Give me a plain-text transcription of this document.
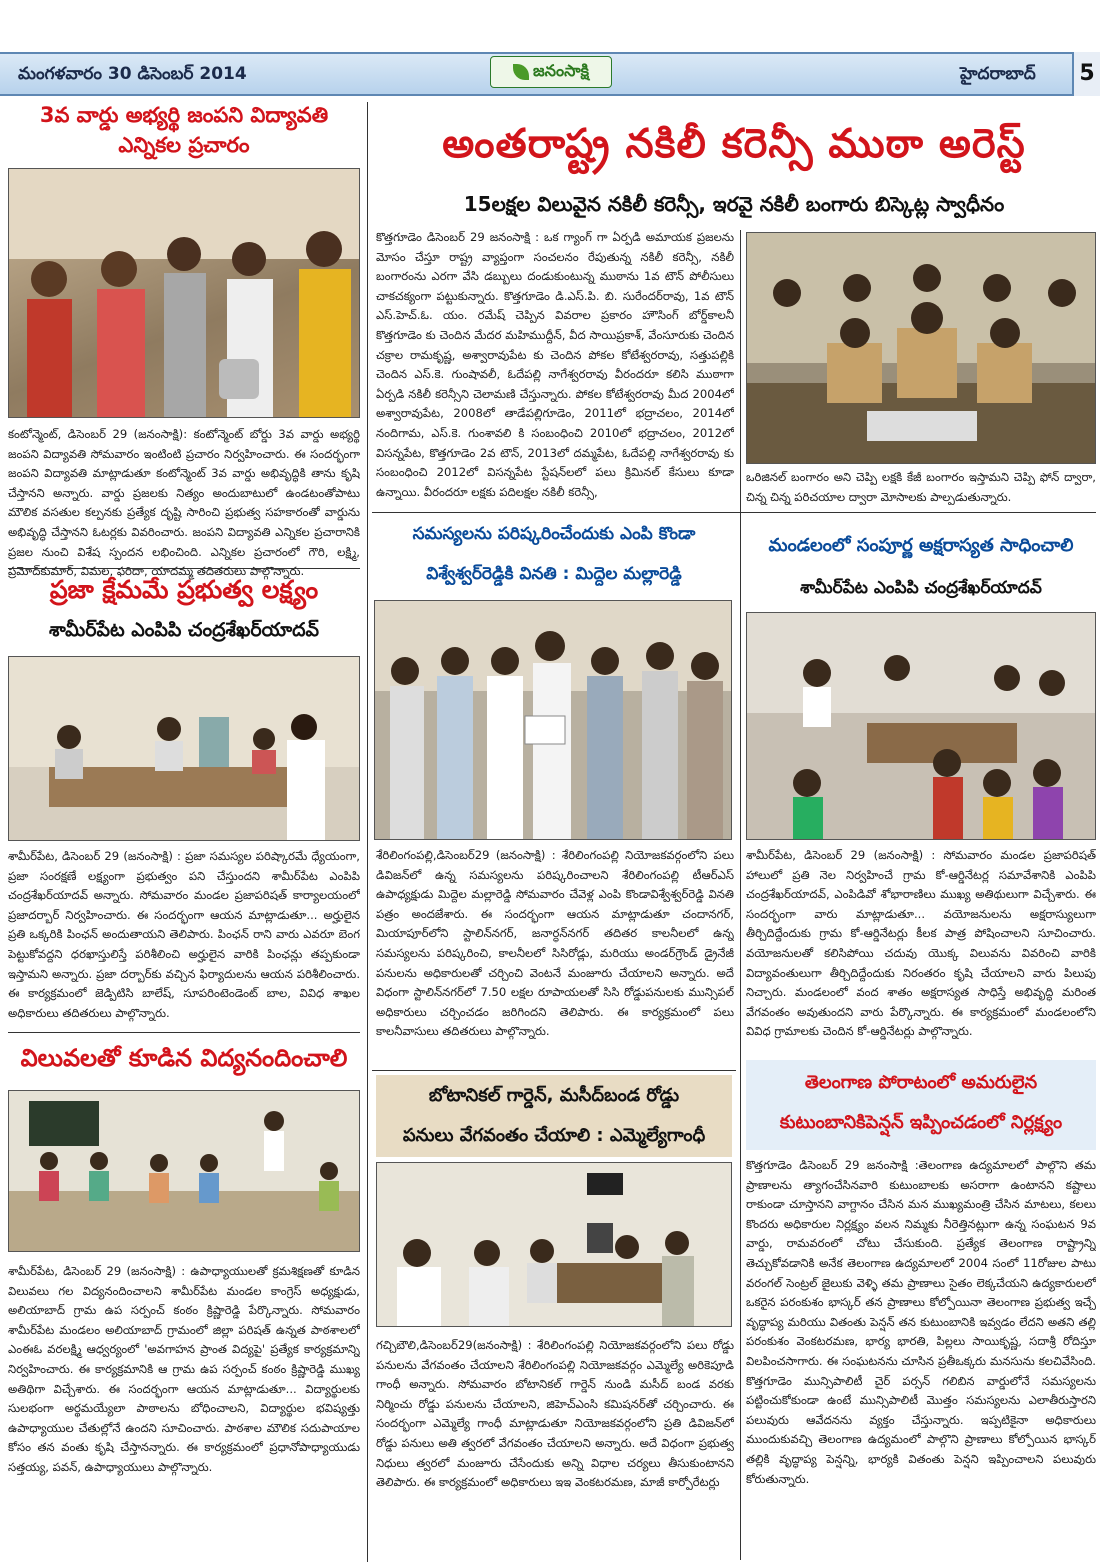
మంగళవారం 30 డిసెంబర్ 2014	జనంసాక్షి	హైదరాబాద్	5
3వ వార్డు అభ్యర్థి జంపని విద్యావతి ఎన్నికల ప్రచారం
కంటోన్మెంట్, డిసెంబర్ 29 (జనంసాక్షి): కంటోన్మెంట్ బోర్డు 3వ వార్డు అభ్యర్థి జంపని విద్యావతి సోమవారం ఇంటింటి ప్రచారం నిర్వహించారు. ఈ సందర్భంగా జంపని విద్యావతి మాట్లాడుతూ కంటోన్మెంట్ 3వ వార్డు అభివృద్ధికి తాను కృషి చేస్తానని అన్నారు. వార్డు ప్రజలకు నిత్యం అందుబాటులో ఉండటంతోపాటు మౌలిక వసతుల కల్పనకు ప్రత్యేక దృష్టి సారించి ప్రభుత్వ సహకారంతో వార్డును అభివృద్ధి చేస్తానని ఓటర్లకు వివరించారు. జంపని విద్యావతి ఎన్నికల ప్రచారానికి ప్రజల నుంచి విశేష స్పందన లభించింది. ఎన్నికల ప్రచారంలో గౌరి, లక్ష్మి, ప్రమోద్‌కుమార్, విమల, ఫరిదా, యాదమ్మ తదితరులు పాల్గొన్నారు.
ప్రజా క్షేమమే ప్రభుత్వ లక్ష్యం
శామీర్‌పేట ఎంపిపి చంద్రశేఖర్‌యాదవ్
శామీర్‌పేట, డిసెంబర్ 29 (జనంసాక్షి) : ప్రజా సమస్యల పరిష్కారమే ధ్యేయంగా, ప్రజా సంరక్షణే లక్ష్యంగా ప్రభుత్వం పని చేస్తుందని శామీర్‌పేట ఎంపిపి చంద్రశేఖర్‌యాదవ్ అన్నారు. సోమవారం మండల ప్రజాపరిషత్ కార్యాలయంలో ప్రజాదర్బార్ నిర్వహించారు. ఈ సందర్భంగా ఆయన మాట్లాడుతూ... అర్హులైన ప్రతి ఒక్కరికి పింఛన్ అందుతాయని తెలిపారు. పింఛన్ రాని వారు ఎవరూ బెంగ పెట్టుకోవద్దని ధరఖాస్తులిస్తే పరిశీలించి అర్హులైన వారికి పింఛన్లు తప్పకుండా ఇస్తామని అన్నారు. ప్రజా దర్బార్‌కు వచ్చిన ఫిర్యాదులను ఆయన పరిశీలించారు. ఈ కార్యక్రమంలో జెడ్పిటిసి బాలేష్, సూపరింటెండెంట్ బాల, వివిధ శాఖల అధికారులు తదితరులు పాల్గొన్నారు.
విలువలతో కూడిన విద్యనందించాలి
శామీర్‌పేట, డిసెంబర్ 29 (జనంసాక్షి) : ఉపాధ్యాయులతో క్రమశిక్షణతో కూడిన విలువలు గల విద్యనందించాలని శామీర్‌పేట మండల కాంగ్రెస్ అధ్యక్షుడు, అలియాబాద్ గ్రామ ఉప సర్పంచ్ కంఠం క్రిష్ణారెడ్డి పేర్కొన్నారు. సోమవారం శామీర్‌పేట మండలం అలియాబాద్ గ్రామంలో జిల్లా పరిషత్ ఉన్నత పాఠశాలలో ఎంఈఓ వరలక్ష్మి ఆధ్వర్యంలో 'అవగాహన ప్రాంత విద్యపై' ప్రత్యేక కార్యక్రమాన్ని నిర్వహించారు. ఈ కార్యక్రమానికి ఆ గ్రామ ఉప సర్పంచ్ కంఠం క్రిష్ణారెడ్డి ముఖ్య అతిథిగా విచ్చేశారు. ఈ సందర్భంగా ఆయన మాట్లాడుతూ... విద్యార్థులకు సులభంగా అర్థమయ్యేలా పాఠాలను బోధించాలని, విద్యార్థుల భవిష్యత్తు ఉపాధ్యాయుల చేతుల్లోనే ఉందని సూచించారు. పాఠశాల మౌలిక సదుపాయాల కోసం తన వంతు కృషి చేస్తానన్నారు. ఈ కార్యక్రమంలో ప్రధానోపాధ్యాయుడు సత్తయ్య, పవన్, ఉపాధ్యాయులు పాల్గొన్నారు.
అంతరాష్ట్ర నకిలీ కరెన్సీ ముఠా అరెస్ట్
15లక్షల విలువైన నకిలీ కరెన్సీ, ఇరవై నకిలీ బంగారు బిస్కెట్ల స్వాధీనం
కొత్తగూడెం డిసెంబర్ 29 జనంసాక్షి : ఒక గ్యాంగ్ గా ఏర్పడి అమాయక ప్రజలను మోసం చేస్తూ రాష్ట్ర వ్యాప్తంగా సంచలనం రేపుతున్న నకిలీ కరెన్సీ, నకిలీ బంగారంను ఎరగా వేసి డబ్బులు దండుకుంటున్న ముఠాను 1వ టౌన్ పోలీసులు చాకచక్యంగా పట్టుకున్నారు. కొత్తగూడెం డి.ఎస్.పి. బి. సురేందర్‌రావు, 1వ టౌన్ ఎస్.హెచ్.ఓ. యం. రమేష్ చెప్పిన వివరాల ప్రకారం హౌసింగ్ బోర్డ్‌కాలనీ కొత్తగూడెం కు చెందిన మేదర మహిముద్దీన్, వీద సాయిప్రకాశ్, వేంసూరుకు చెందిన చక్రాల రామకృష్ణ, అశ్వారావుపేట కు చెందిన పోకల కోటేశ్వరరావు, సత్తుపల్లికి చెందిన ఎస్.కె. గుంషావలీ, ఓదేపల్లి నాగేశ్వరరావు వీరందరూ కలిసి ముఠాగా ఏర్పడి నకిలీ కరెన్సీని చెలామణి చేస్తున్నారు. పోకల కోటేశ్వరరావు మీద 2004లో అశ్వారావుపేట, 2008లో తాడేపల్లిగూడెం, 2011లో భద్రాచలం, 2014లో నందిగామ, ఎస్.కె. గుంశావలి కి సంబంధించి 2010లో భద్రాచలం, 2012లో విసన్నపేట, కొత్తగూడెం 2వ టౌన్, 2013లో దమ్మపేట, ఓదేపల్లి నాగేశ్వరరావు కు సంబంధించి 2012లో విసన్నపేట స్టేషన్‌లలో పలు క్రిమినల్ కేసులు కూడా ఉన్నాయి. వీరందరూ లక్షకు పదిలక్షల నకిలీ కరెన్సీ,
ఒరిజినల్ బంగారం అని చెప్పి లక్షకి కేజీ బంగారం ఇస్తామని చెప్పి ఫోన్ ద్వారా, చిన్న చిన్న పరిచయాల ద్వారా మోసాలకు పాల్పడుతున్నారు.
సమస్యలను పరిష్కరించేందుకు ఎంపి కొండా
విశ్వేశ్వర్‌రెడ్డికి వినతి : మిద్దెల మల్లారెడ్డి
శేరిలింగంపల్లి,డిసెంబర్29 (జనంసాక్షి) : శేరిలింగంపల్లి నియోజకవర్గంలోని పలు డివిజన్‌లో ఉన్న సమస్యలను పరిష్కరించాలని శేరిలింగంపల్లి టీఆర్ఎస్ ఉపాధ్యక్షుడు మిద్దెల మల్లారెడ్డి సోమవారం చేవెళ్ల ఎంపి కొండావిశ్వేశ్వర్‌రెడ్డి వినతి పత్రం అందజేశారు. ఈ సందర్భంగా ఆయన మాట్లాడుతూ చందానగర్, మియాపూర్‌లోని స్టాలిన్‌నగర్, జనార్ధన్‌నగర్ తదితర కాలనీలలో ఉన్న సమస్యలను పరిష్కరించి, కాలనీలలో సిసిరోడ్లు, మరియు అండర్‌గ్రౌండ్ డ్రైనేజీ పనులను అధికారులతో చర్చించి వెంటనే మంజూరు చేయాలని అన్నారు. అదే విధంగా స్టాలిన్‌నగర్‌లో 7.50 లక్షల రూపాయలతో సిసి రోడ్డుపనులకు మున్సిపల్ అధికారులు చర్చించడం జరిగిందని తెలిపారు. ఈ కార్యక్రమంలో పలు కాలనీవాసులు తదితరులు పాల్గొన్నారు.
బోటానికల్ గార్డెన్, మసీద్‌బండ రోడ్డు
పనులు వేగవంతం చేయాలి : ఎమ్మెల్యేగాంధీ
గచ్చిబౌలి,డిసెంబర్29(జనంసాక్షి) : శేరిలింగంపల్లి నియోజకవర్గంలోని పలు రోడ్డు పనులను వేగవంతం చేయాలని శేరిలింగంపల్లి నియోజకవర్గం ఎమ్మెల్యే అరికెపూడి గాంధీ అన్నారు. సోమవారం బోటానికల్ గార్డెన్ నుండి మసీద్ బండ వరకు నిర్మించు రోడ్డు పనులను చేయాలని, జిహెచ్‌ఎంసి కమిషనర్‌తో చర్చించారు. ఈ సందర్భంగా ఎమ్మెల్యే గాంధీ మాట్లాడుతూ నియోజకవర్గంలోని ప్రతి డివిజన్‌లో రోడ్డు పనులు అతి త్వరలో వేగవంతం చేయాలని అన్నారు. అదే విధంగా ప్రభుత్వ నిధులు త్వరలో మంజూరు చేసేందుకు అన్ని విధాల చర్యలు తీసుకుంటానని తెలిపారు. ఈ కార్యక్రమంలో అధికారులు ఇఇ వెంకటరమణ, మాజీ కార్పోరేటర్లు
మండలంలో సంపూర్ణ అక్షరాస్యత సాధించాలి
శామీర్‌పేట ఎంపిపి చంద్రశేఖర్‌యాదవ్
శామీర్‌పేట, డిసెంబర్ 29 (జనంసాక్షి) : సోమవారం మండల ప్రజాపరిషత్ హాలులో ప్రతి నెల నిర్వహించే గ్రామ కో-ఆర్డినేటర్ల సమావేశానికి ఎంపిపి చంద్రశేఖర్‌యాదవ్, ఎంపిడివో శోభారాణిలు ముఖ్య అతిథులుగా విచ్చేశారు. ఈ సందర్భంగా వారు మాట్లాడుతూ... వయోజనులను అక్షరాస్యులుగా తీర్చిదిద్దేందుకు గ్రామ కో-ఆర్డినేటర్లు కీలక పాత్ర పోషించాలని సూచించారు. వయోజనులతో కలిసిపోయి చదువు యొక్క విలువను వివరించి వారికి విద్యావంతులుగా తీర్చిదిద్దేందుకు నిరంతరం కృషి చేయాలని వారు పిలుపు నిచ్చారు. మండలంలో వంద శాతం అక్షరాస్యత సాధిస్తే అభివృద్ధి మరింత వేగవంతం అవుతుందని వారు పేర్కొన్నారు. ఈ కార్యక్రమంలో మండలంలోని వివిధ గ్రామాలకు చెందిన కో-ఆర్డినేటర్లు పాల్గొన్నారు.
తెలంగాణ పోరాటంలో అమరులైన
కుటుంబానికిపెన్షన్ ఇప్పించడంలో నిర్లక్ష్యం
కొత్తగూడెం డిసెంబర్ 29 జనంసాక్షి :తెలంగాణ ఉద్యమాలలో పాల్గొని తమ ప్రాణాలను త్యాగంచేసినవారి కుటుంబాలకు అసరాగా ఉంటానని కష్టాలు రాకుండా చూస్తానని వాగ్దానం చేసిన మన ముఖ్యమంత్రి చేసిన మాటలు, కలలు కొందరు అధికారుల నిర్లక్ష్యం వలన నిమ్మకు నీరెత్తినట్లుగా ఉన్న సంఘటన 9వ వార్డు, రామవరంలో చోటు చేసుకుంది. ప్రత్యేక తెలంగాణ రాష్ట్రాన్ని తెచ్చుకోవడానికి అనేక తెలంగాణ ఉద్యమాలలో 2004 సంలో 11రోజుల పాటు వరంగల్ సెంట్రల్ జైలుకు వెళ్ళి తమ ప్రాణాలు సైతం లెక్కచేయని ఉద్యకారులలో ఒకరైన పరంకుశం భాస్కర్ తన ప్రాణాలు కోల్పోయినా తెలంగాణ ప్రభుత్వ ఇచ్చే వృద్ధాప్య మరియు వితంతు పెన్షన్ తన కుటుంబానికి ఇవ్వడం లేదని అతని తల్లి పరంకుశం వెంకటరమణ, భార్య భారతి, పిల్లలు సాయికృష్ణ, సదాశ్రీ రోదిస్తూ విలపించసాగారు. ఈ సంఘటనను చూసిన ప్రతీఒక్కరు మనసును కలచివేసింది. కొత్తగూడెం మున్సిపాలిటీ చైర్ పర్సన్ గలిబిన వార్డులోనే సమస్యలను పట్టించుకోకుండా ఉంటే మున్సిపాలిటీ మొత్తం సమస్యలను ఎలాతీరుస్తారని పలువురు ఆవేదనను వ్యక్తం చేస్తున్నారు. ఇప్పటికైనా అధికారులు ముందుకువచ్చి తెలంగాణ ఉద్యమంలో పాల్గొని ప్రాణాలు కోల్పోయిన భాస్కర్ తల్లికి వృద్ధాప్య పెన్షన్ని, భార్యకి వితంతు పెన్షని ఇప్పించాలని పలువురు కోరుతున్నారు.
